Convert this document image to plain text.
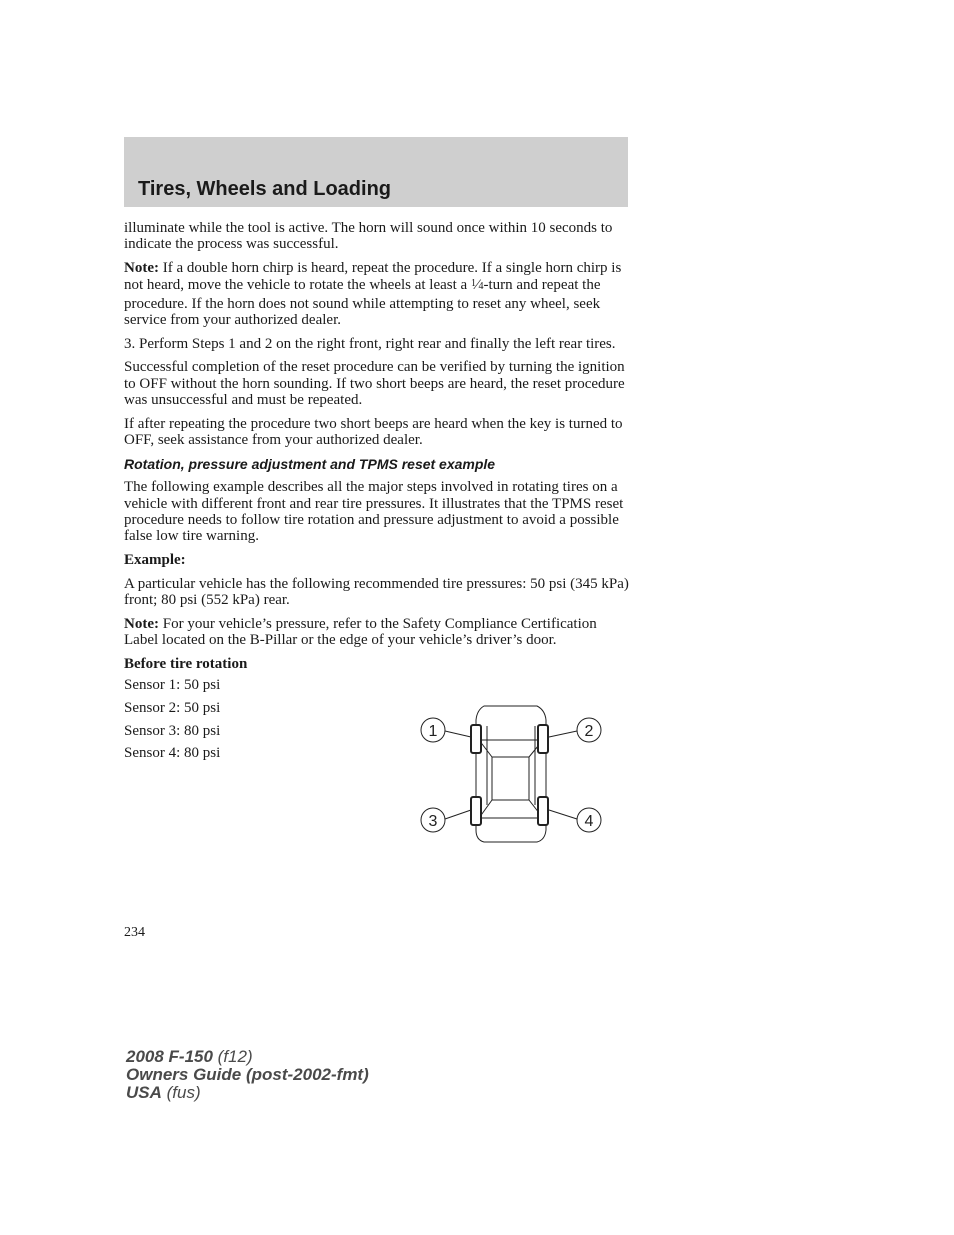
Tires, Wheels and Loading

illuminate while the tool is active. The horn will sound once within 10 seconds to indicate the process was successful.

Note: If a double horn chirp is heard, repeat the procedure. If a single horn chirp is not heard, move the vehicle to rotate the wheels at least a $^1$⁄4-turn and repeat the procedure. If the horn does not sound while attempting to reset any wheel, seek service from your authorized dealer.

3. Perform Steps 1 and 2 on the right front, right rear and finally the left rear tires.

Successful completion of the reset procedure can be verified by turning the ignition to OFF without the horn sounding. If two short beeps are heard, the reset procedure was unsuccessful and must be repeated.

If after repeating the procedure two short beeps are heard when the key is turned to OFF, seek assistance from your authorized dealer.

Rotation, pressure adjustment and TPMS reset example

The following example describes all the major steps involved in rotating tires on a vehicle with different front and rear tire pressures. It illustrates that the TPMS reset procedure needs to follow tire rotation and pressure adjustment to avoid a possible false low tire warning.

Example:

A particular vehicle has the following recommended tire pressures: 50 psi (345 kPa) front; 80 psi (552 kPa) rear.

Note: For your vehicle’s pressure, refer to the Safety Compliance Certification Label located on the B-Pillar or the edge of your vehicle’s driver’s door.

Before tire rotation

Sensor 1: 50 psi
Sensor 2: 50 psi
Sensor 3: 80 psi
Sensor 4: 80 psi
1	2
3	4
234
2008 F-150 (f12)
Owners Guide (post-2002-fmt)
USA (fus)
